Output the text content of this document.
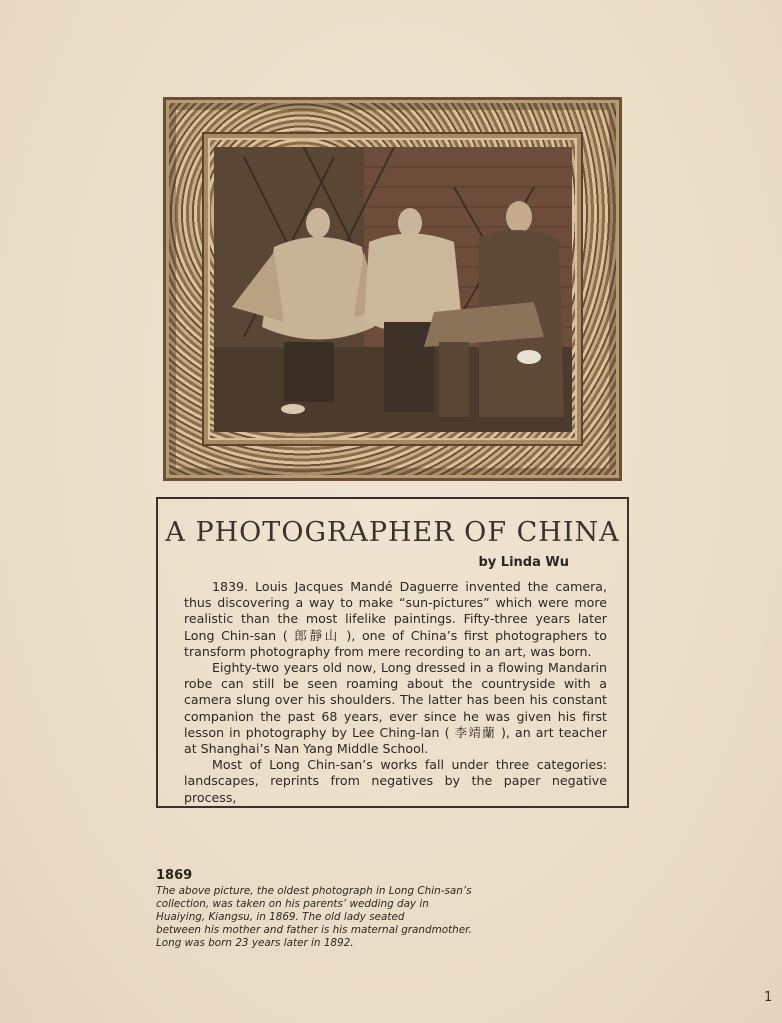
A PHOTOGRAPHER OF CHINA
by Linda Wu

1839. Louis Jacques Mandé Daguerre invented the camera, thus discovering a way to make “sun-pictures” which were more realistic than the most lifelike paintings. Fifty-three years later Long Chin-san ( 郎靜山 ), one of China’s first photographers to transform photography from mere recording to an art, was born.

Eighty-two years old now, Long dressed in a flowing Mandarin robe can still be seen roaming about the countryside with a camera slung over his shoulders. The latter has been his constant companion the past 68 years, ever since he was given his first lesson in photography by Lee Ching-lan ( 李靖蘭 ), an art teacher at Shanghai’s Nan Yang Middle School.

Most of Long Chin-san’s works fall under three categories: landscapes, reprints from negatives by the paper negative process,

1869
The above picture, the oldest photograph in Long Chin-san’s
collection, was taken on his parents’ wedding day in
Huaiying, Kiangsu, in 1869. The old lady seated
between his mother and father is his maternal grandmother.
Long was born 23 years later in 1892.
1
